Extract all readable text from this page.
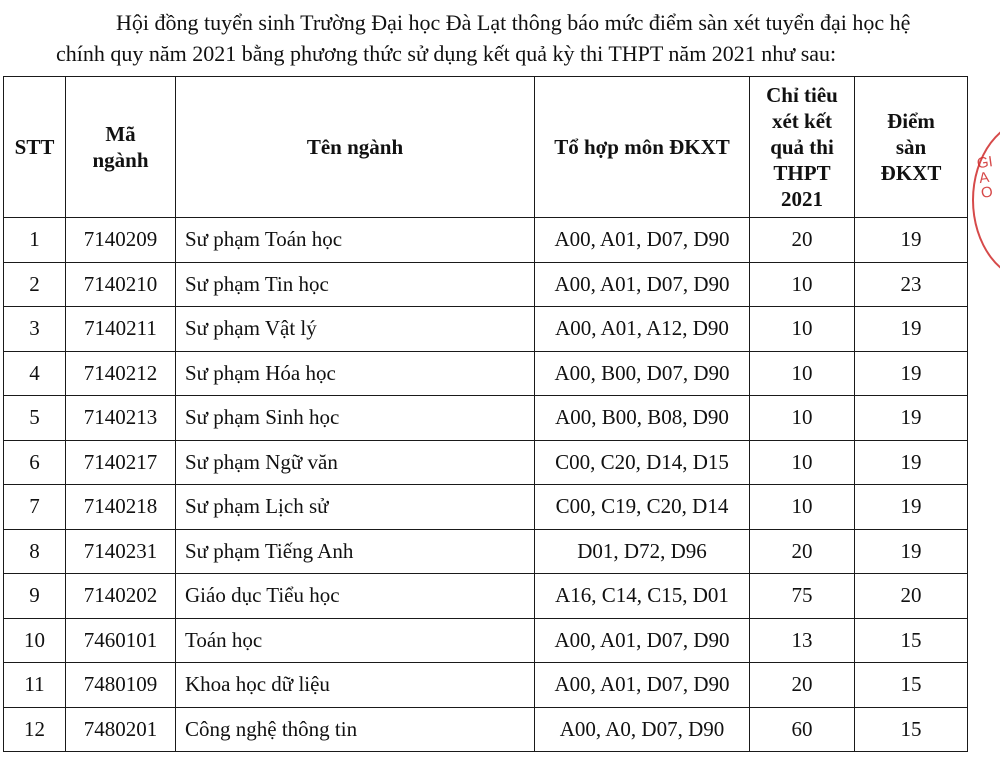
Hội đồng tuyển sinh Trường Đại học Đà Lạt thông báo mức điểm sàn xét tuyển đại học hệ
chính quy năm 2021 bằng phương thức sử dụng kết quả kỳ thi THPT năm 2021 như sau:
STT	Mã ngành	Tên ngành	Tổ hợp môn ĐKXT	Chỉ tiêu xét kết quả thi THPT 2021	Điểm sàn ĐKXT
1	7140209	Sư phạm Toán học	A00, A01, D07, D90	20	19
2	7140210	Sư phạm Tin học	A00, A01, D07, D90	10	23
3	7140211	Sư phạm Vật lý	A00, A01, A12, D90	10	19
4	7140212	Sư phạm Hóa học	A00, B00, D07, D90	10	19
5	7140213	Sư phạm Sinh học	A00, B00, B08, D90	10	19
6	7140217	Sư phạm Ngữ văn	C00, C20, D14, D15	10	19
7	7140218	Sư phạm Lịch sử	C00, C19, C20, D14	10	19
8	7140231	Sư phạm Tiếng Anh	D01, D72, D96	20	19
9	7140202	Giáo dục Tiểu học	A16, C14, C15, D01	75	20
10	7460101	Toán học	A00, A01, D07, D90	13	15
11	7480109	Khoa học dữ liệu	A00, A01, D07, D90	20	15
12	7480201	Công nghệ thông tin	A00, A0, D07, D90	60	15
GIAO
